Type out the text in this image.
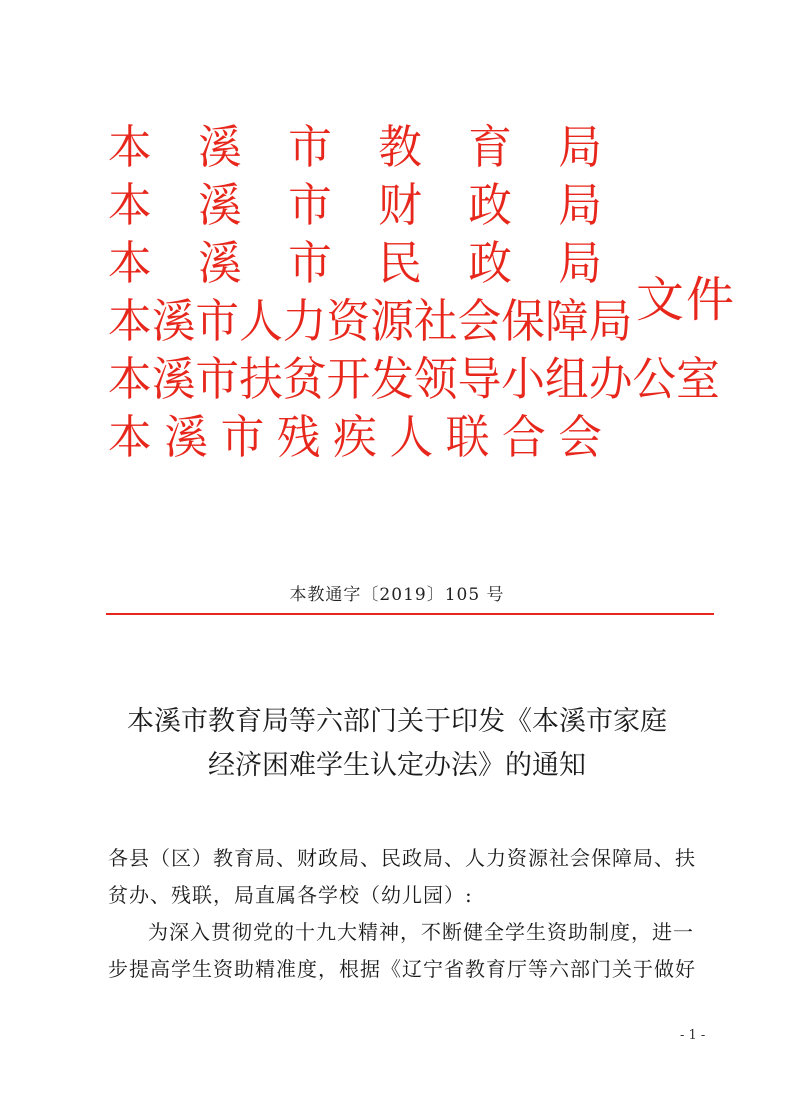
本 溪 市 教 育 局
本 溪 市 财 政 局
本 溪 市 民 政 局
本 溪 市 人 力 资 源 社 会 保 障 局
本 溪 市 扶 贫 开 发 领 导 小 组 办 公 室
本 溪 市 残 疾 人 联 合 会
文件
本教通字〔2019〕105 号
本溪市教育局等六部门关于印发《本溪市家庭
经济困难学生认定办法》的通知

各县（区）教育局、财政局、民政局、人力资源社会保障局、扶

贫办、残联，局直属各学校（幼儿园）:

为深入贯彻党的十九大精神，不断健全学生资助制度，进一

步提高学生资助精准度，根据《辽宁省教育厅等六部门关于做好

- 1 -
